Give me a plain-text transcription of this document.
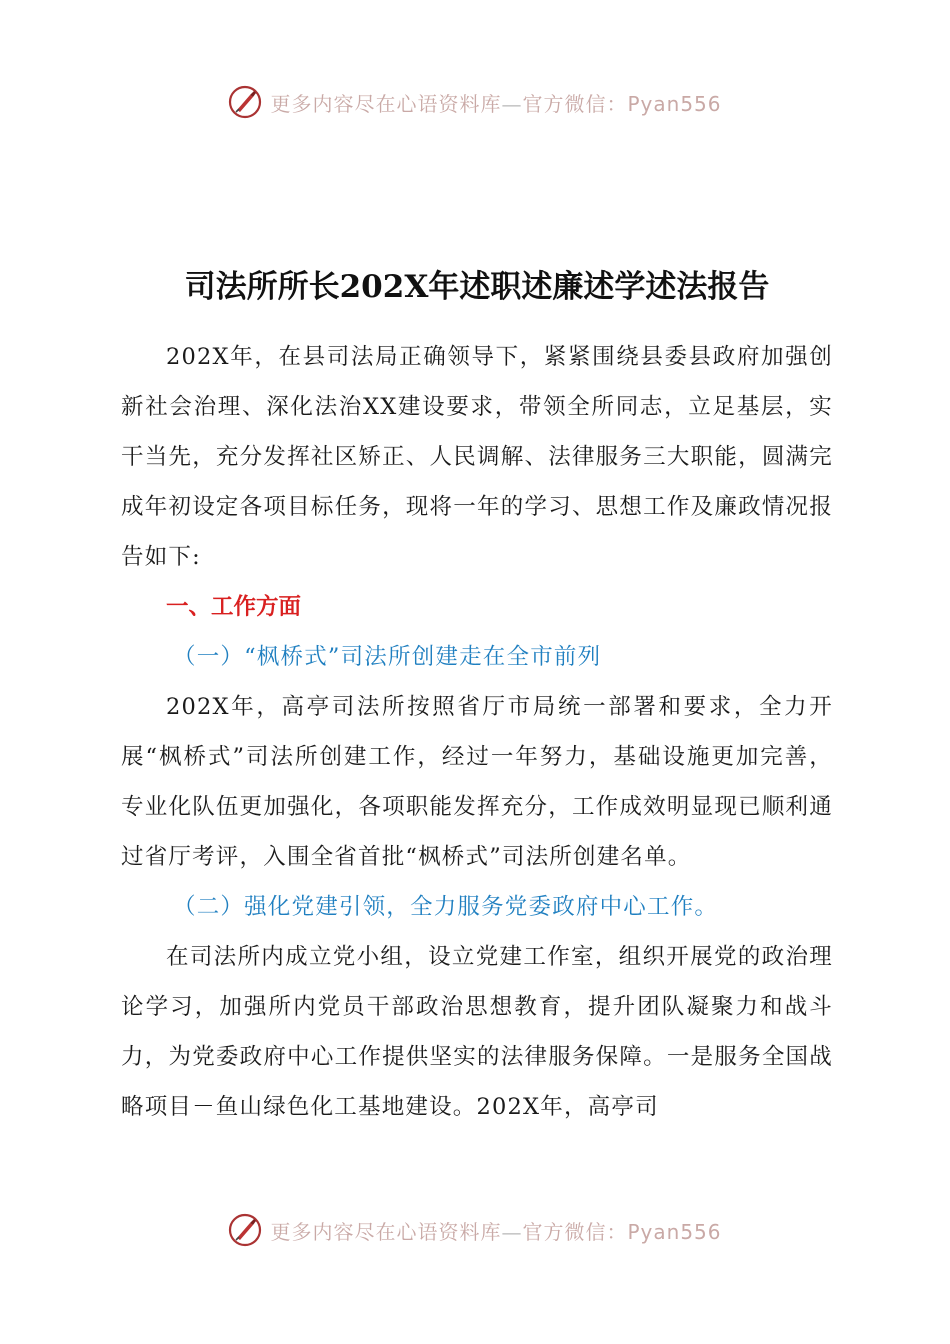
更多内容尽在心语资料库—官方微信：Pyan556
司法所所长202X年述职述廉述学述法报告

202X年，在县司法局正确领导下，紧紧围绕县委县政府加强创新社会治理、深化法治XX建设要求，带领全所同志，立足基层，实干当先，充分发挥社区矫正、人民调解、法律服务三大职能，圆满完成年初设定各项目标任务，现将一年的学习、思想工作及廉政情况报告如下:

一、工作方面

（一）“枫桥式”司法所创建走在全市前列

202X年，高亭司法所按照省厅市局统一部署和要求，全力开展“枫桥式”司法所创建工作，经过一年努力，基础设施更加完善，专业化队伍更加强化，各项职能发挥充分，工作成效明显现已顺利通过省厅考评，入围全省首批“枫桥式”司法所创建名单。

（二）强化党建引领，全力服务党委政府中心工作。

在司法所内成立党小组，设立党建工作室，组织开展党的政治理论学习，加强所内党员干部政治思想教育，提升团队凝聚力和战斗力，为党委政府中心工作提供坚实的法律服务保障。一是服务全国战略项目－鱼山绿色化工基地建设。202X年，高亭司

更多内容尽在心语资料库—官方微信：Pyan556
